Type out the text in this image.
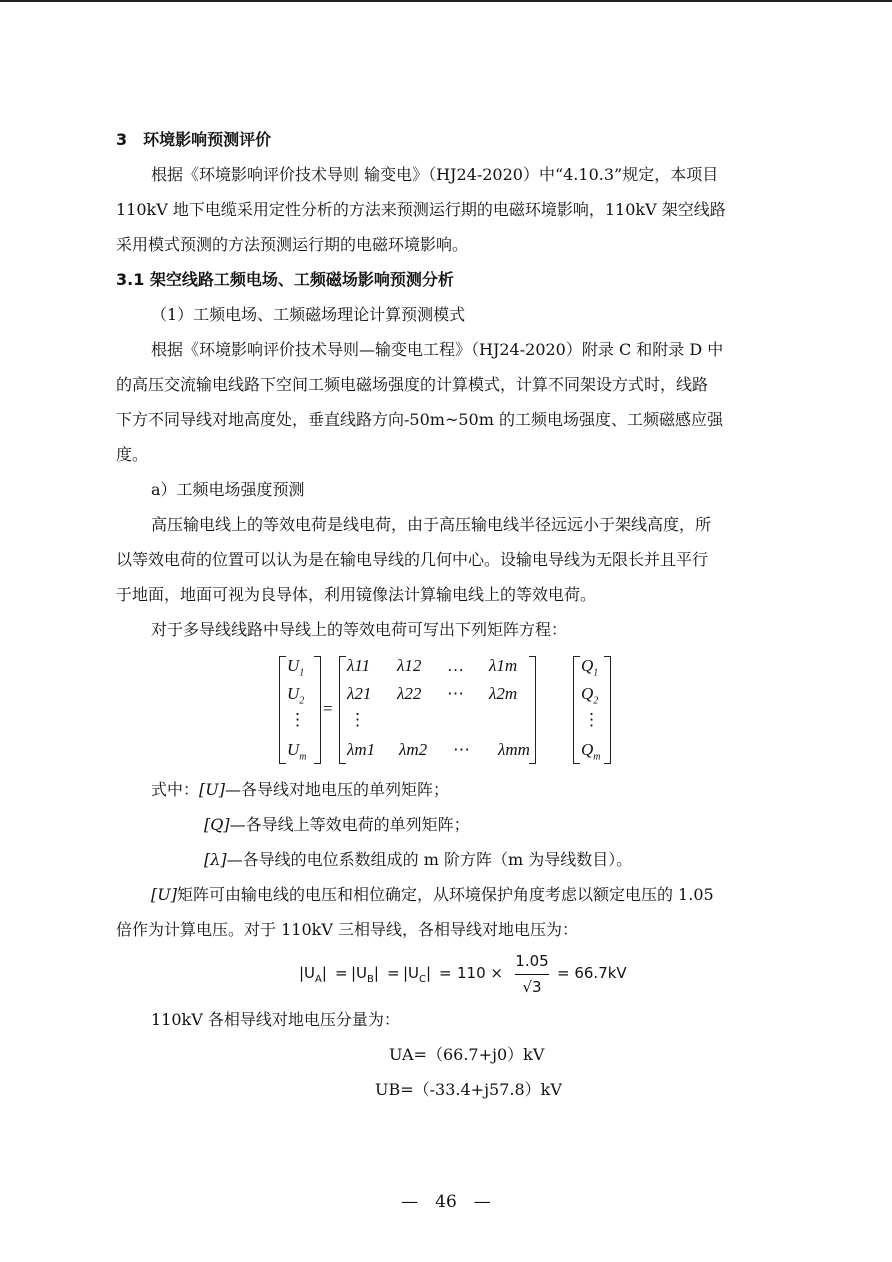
3　环境影响预测评价
根据《环境影响评价技术导则 输变电》（HJ24-2020）中“4.10.3”规定，本项目
110kV 地下电缆采用定性分析的方法来预测运行期的电磁环境影响，110kV 架空线路
采用模式预测的方法预测运行期的电磁环境影响。
3.1 架空线路工频电场、工频磁场影响预测分析
（1）工频电场、工频磁场理论计算预测模式
根据《环境影响评价技术导则—输变电工程》（HJ24-2020）附录 C 和附录 D 中
的高压交流输电线路下空间工频电磁场强度的计算模式，计算不同架设方式时，线路
下方不同导线对地高度处，垂直线路方向-50m~50m 的工频电场强度、工频磁感应强
度。
a）工频电场强度预测
高压输电线上的等效电荷是线电荷，由于高压输电线半径远远小于架线高度，所
以等效电荷的位置可以认为是在输电导线的几何中心。设输电导线为无限长并且平行
于地面，地面可视为良导体，利用镜像法计算输电线上的等效电荷。
对于多导线线路中导线上的等效电荷可写出下列矩阵方程：
$U_1$
$U_2$
⋮
$U_m$
=
λ11 λ12 … λ1m
λ21 λ22 ⋯ λ2m
⋮
λm1 λm2 ⋯ λmm
$Q_1$
$Q_2$
⋮
$Q_m$
式中：[U]—各导线对地电压的单列矩阵；
[Q]—各导线上等效电荷的单列矩阵；
[λ]—各导线的电位系数组成的 m 阶方阵（m 为导线数目）。
[U]矩阵可由输电线的电压和相位确定，从环境保护角度考虑以额定电压的 1.05
倍作为计算电压。对于 110kV 三相导线，各相导线对地电压为：
$|U_A| = |U_B| = |U_C| = 110$ ×
1.05
√3
= 66.7kV
110kV 各相导线对地电压分量为：
UA=（66.7+j0）kV
UB=（-33.4+j57.8）kV
—　46　—
